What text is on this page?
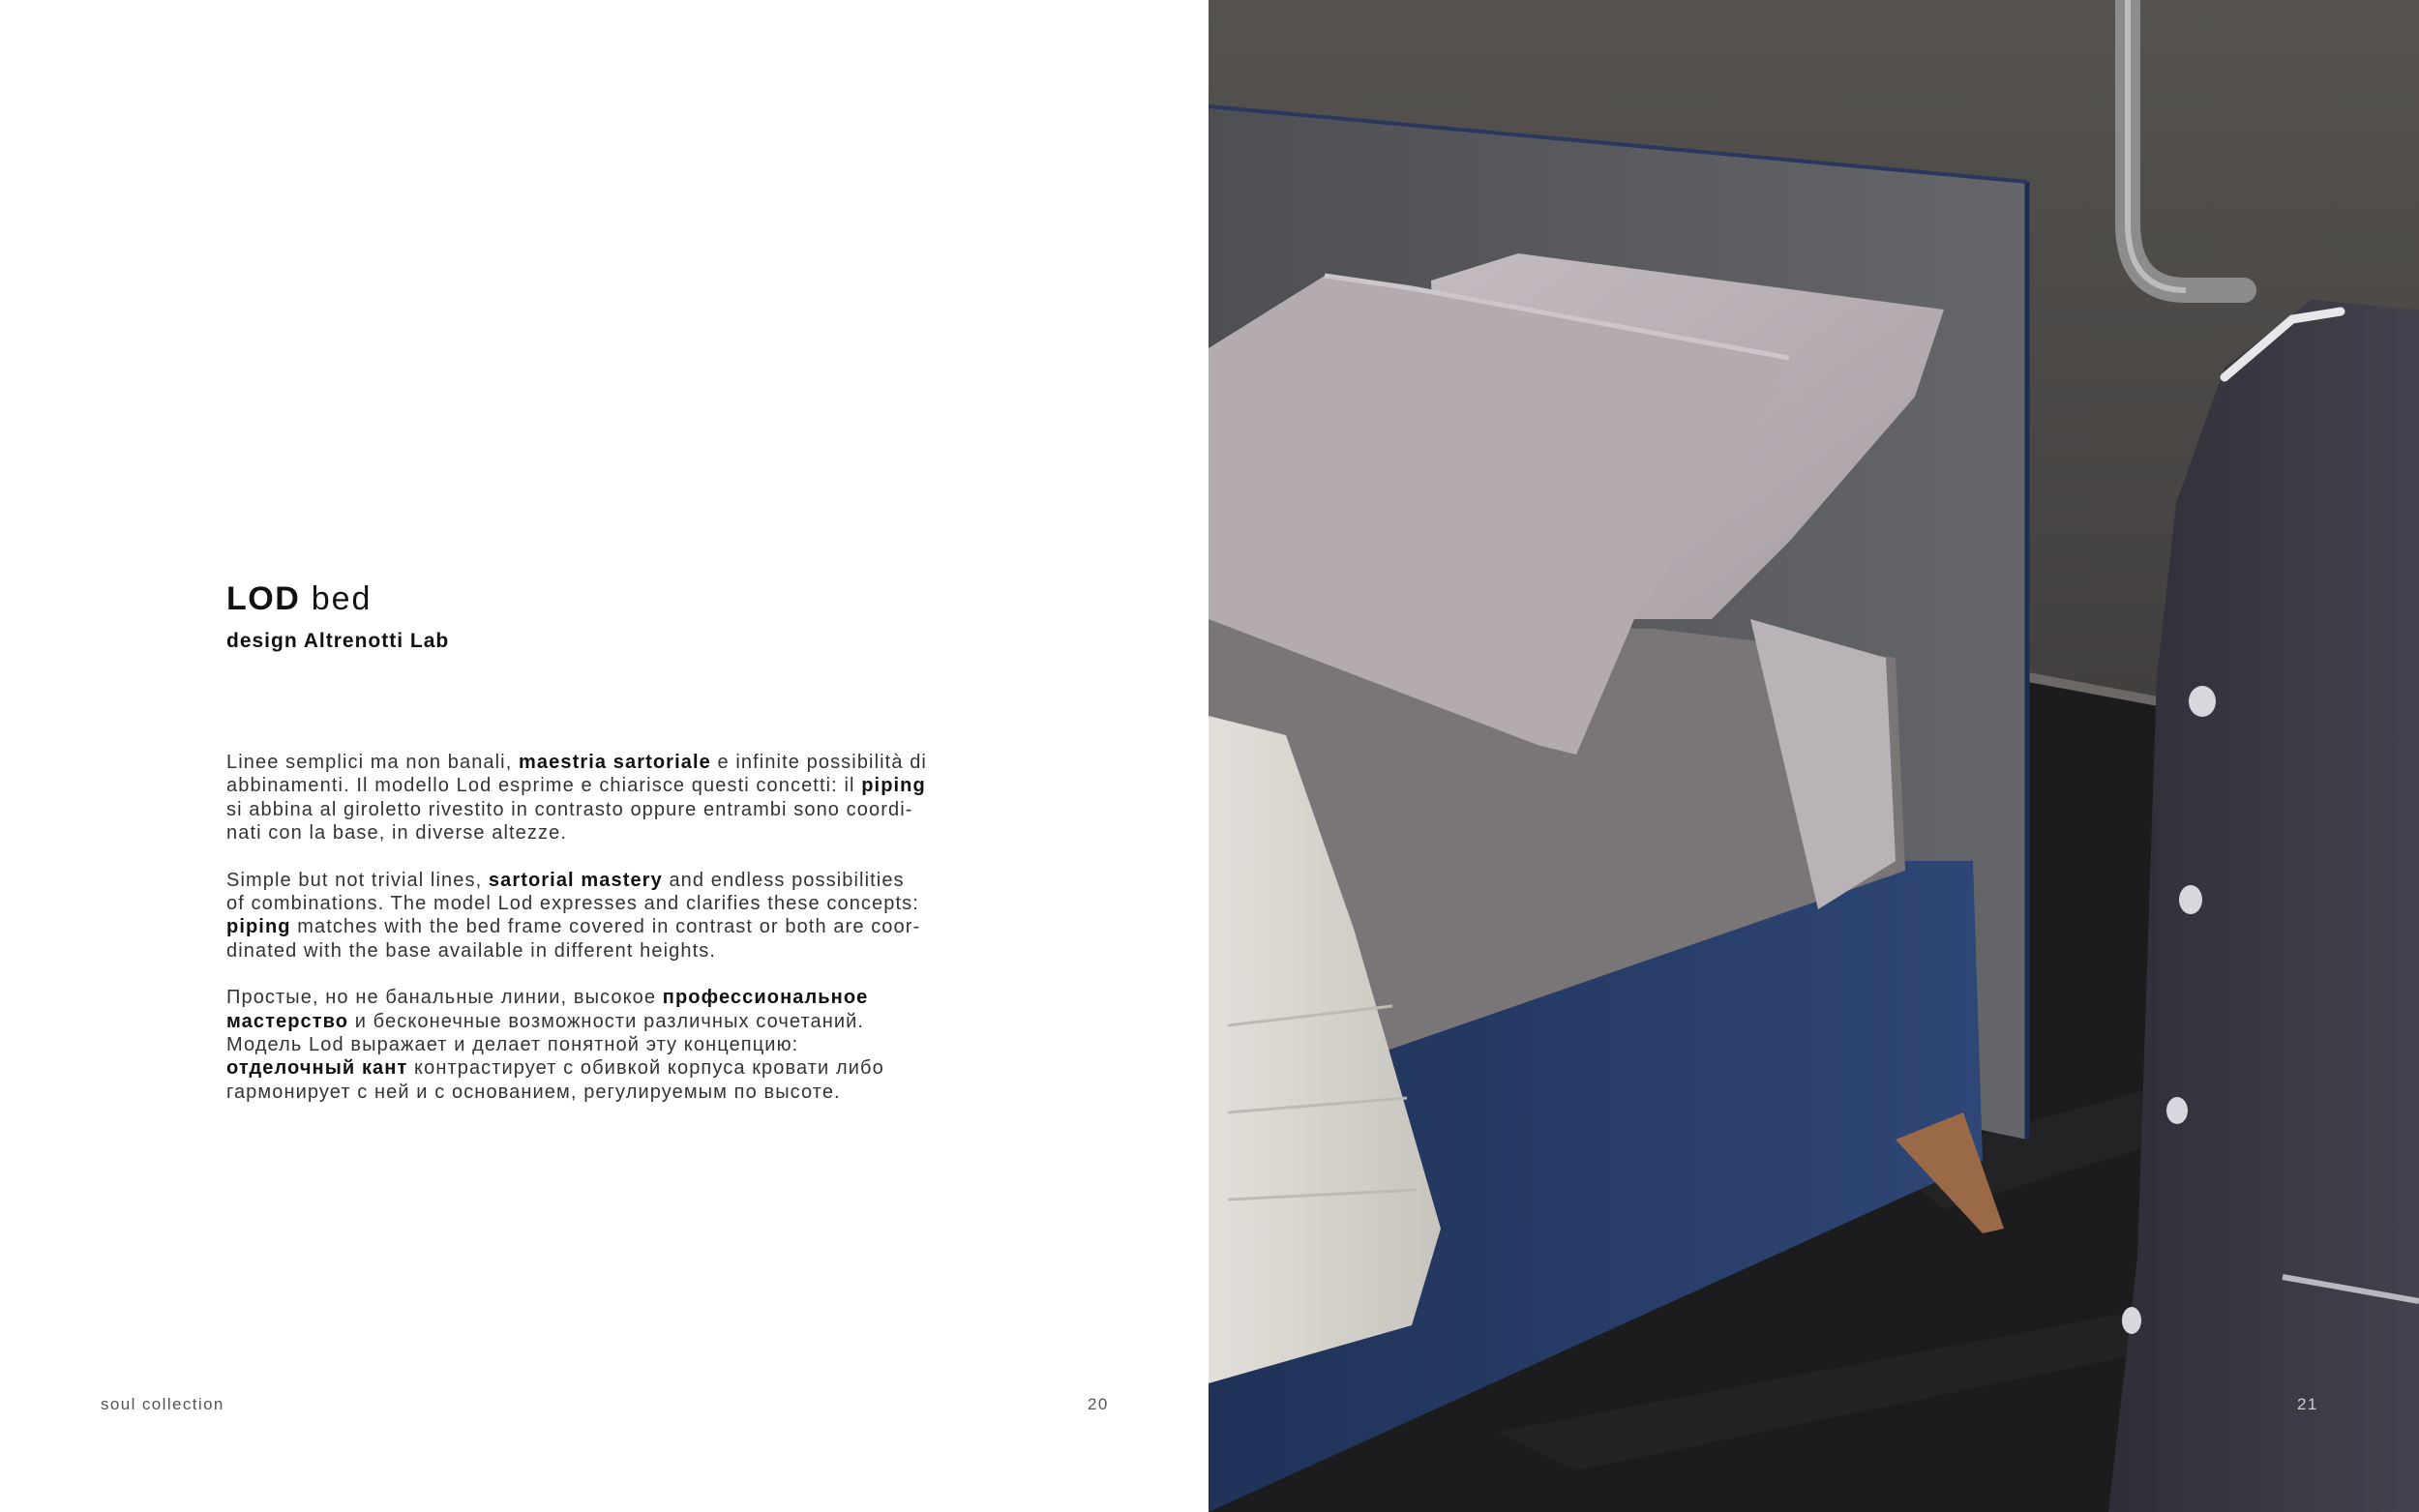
LOD bed
design Altrenotti Lab

Linee semplici ma non banali, maestria sartoriale e infinite possibilità di
abbinamenti. Il modello Lod esprime e chiarisce questi concetti: il piping
si abbina al giroletto rivestito in contrasto oppure entrambi sono coordi-
nati con la base, in diverse altezze.

Simple but not trivial lines, sartorial mastery and endless possibilities
of combinations. The model Lod expresses and clarifies these concepts:
piping matches with the bed frame covered in contrast or both are coor-
dinated with the base available in different heights.

Простые, но не банальные линии, высокое профессиональное
мастерство и бесконечные возможности различных сочетаний.
Модель Lod выражает и делает понятной эту концепцию:
отделочный кант контрастирует с обивкой корпуса кровати либо
гармонирует с ней и с основанием, регулируемым по высоте.

soul collection	20	21
